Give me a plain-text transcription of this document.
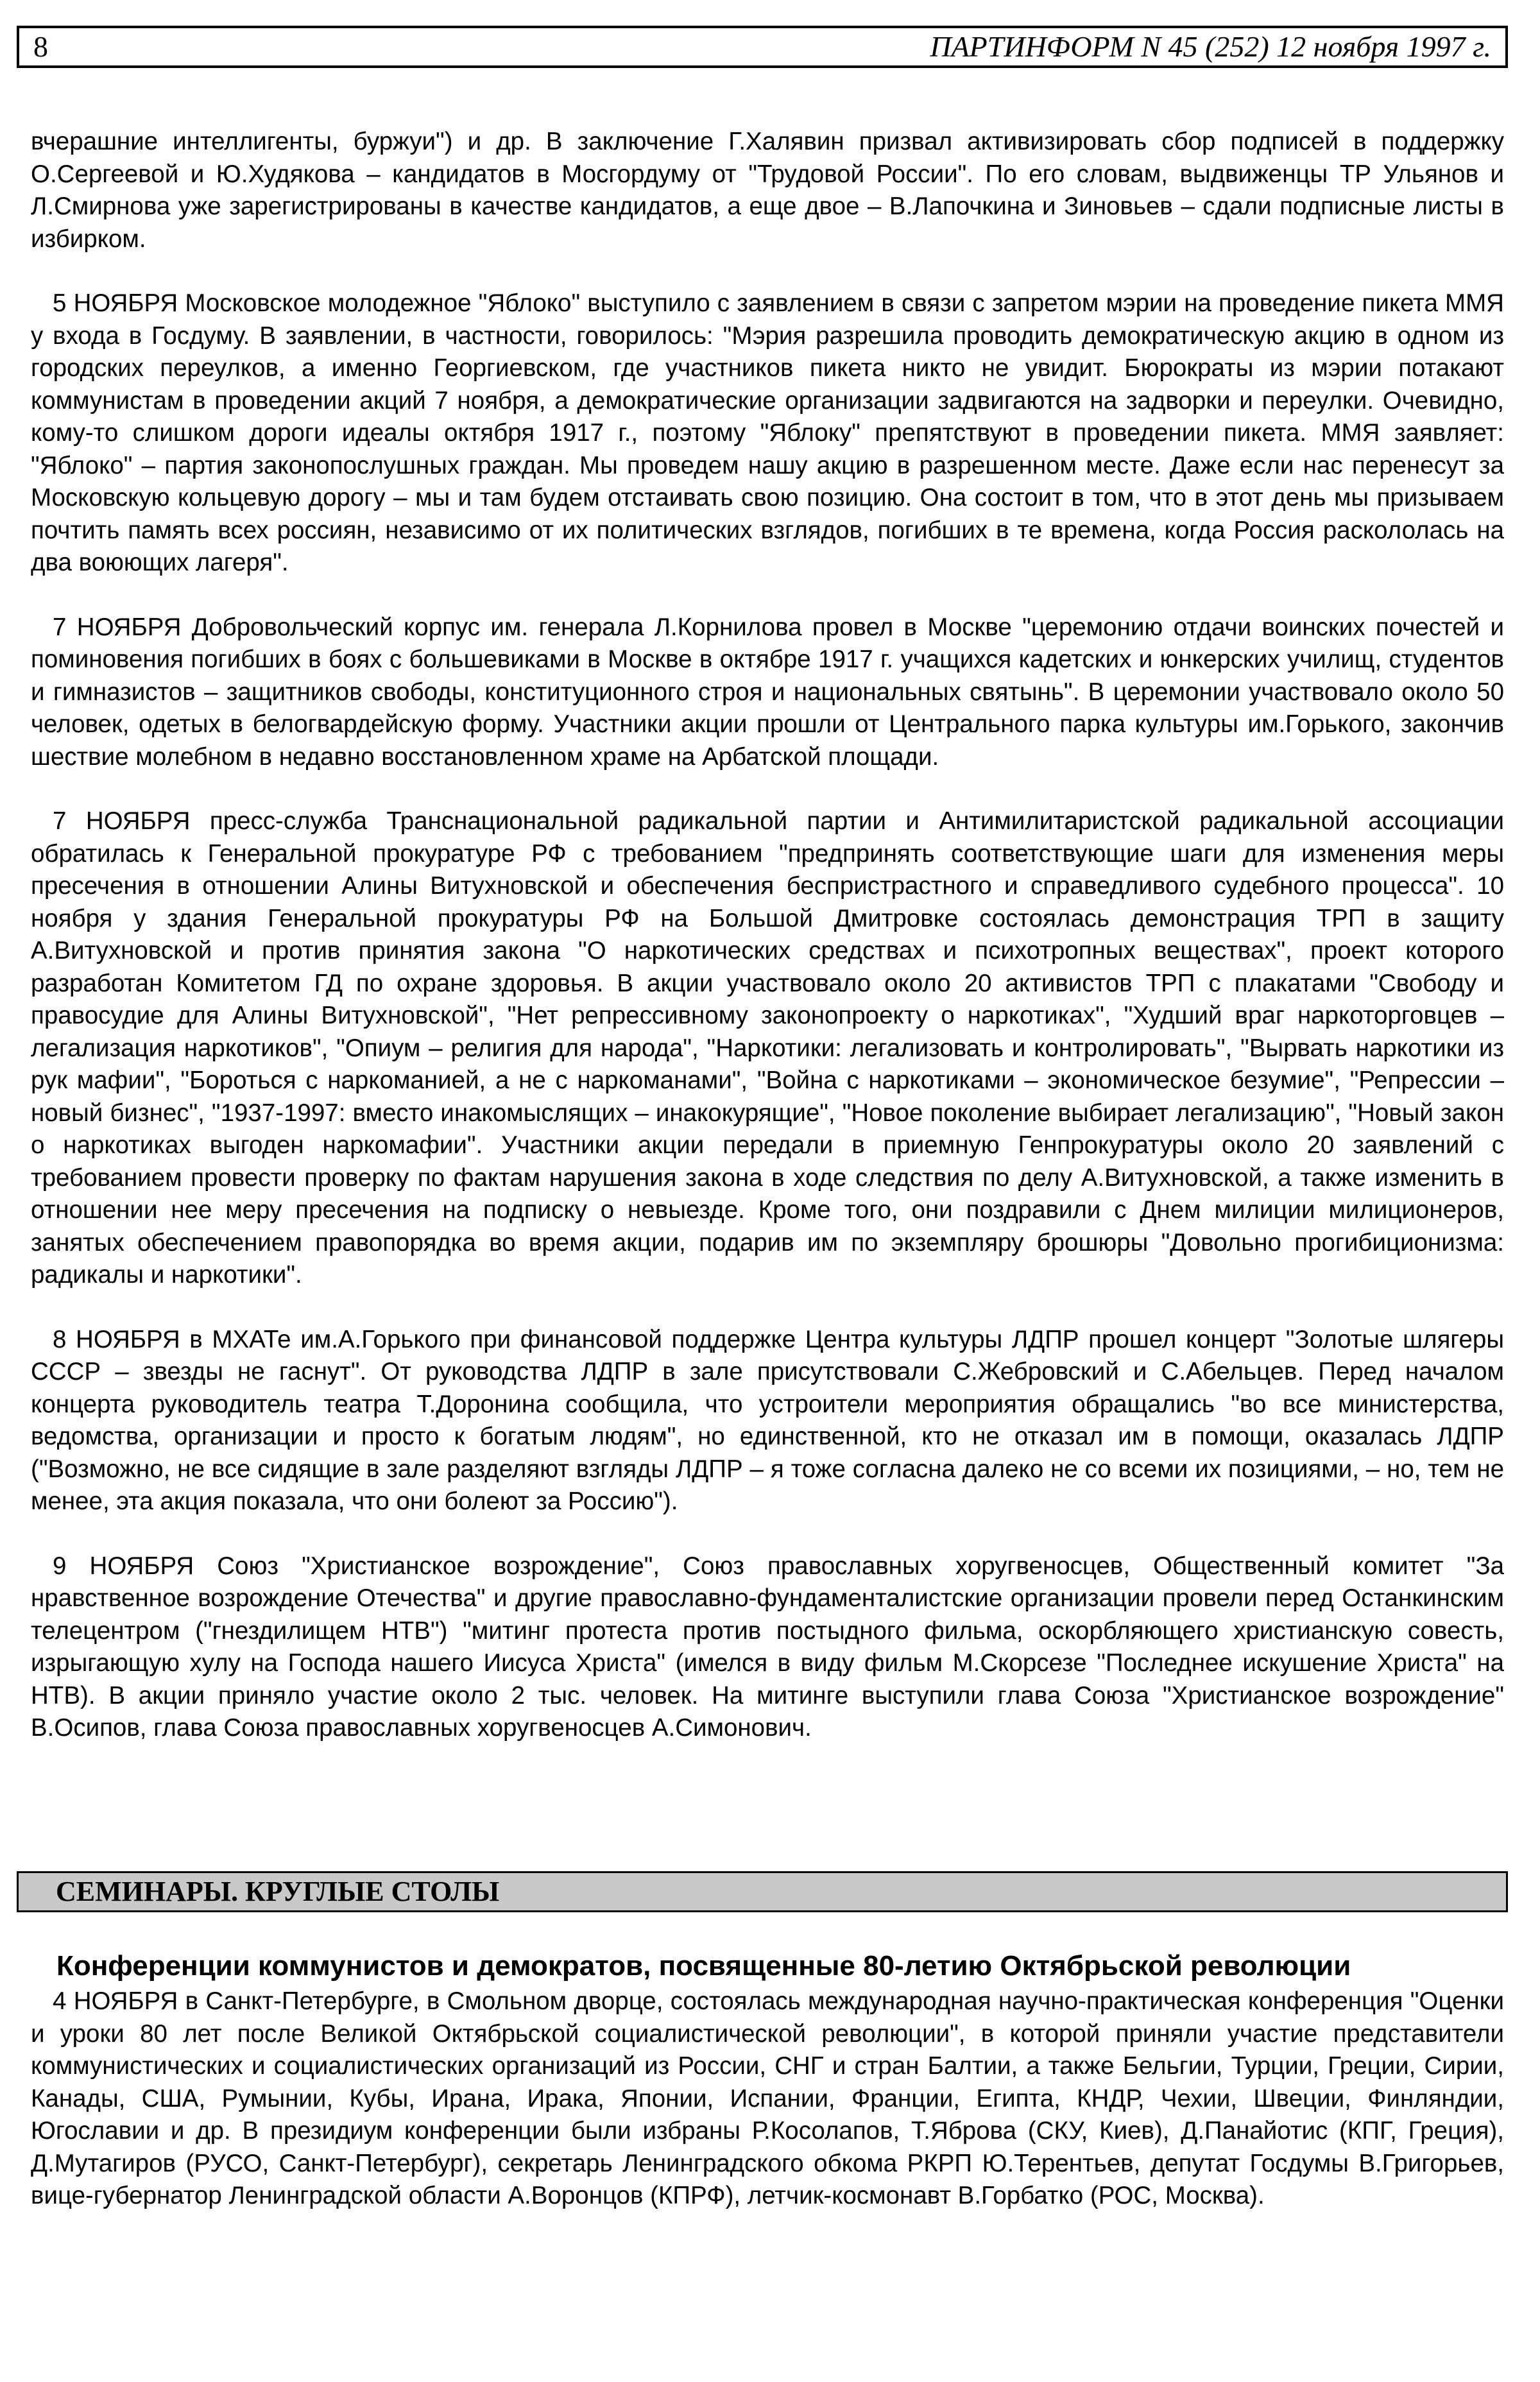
8	ПАРТИНФОРМ N 45 (252) 12 ноября 1997 г.

вчерашние интеллигенты, буржуи") и др. В заключение Г.Халявин призвал активизировать сбор подписей в поддержку О.Сергеевой и Ю.Худякова – кандидатов в Мосгордуму от "Трудовой России". По его словам, выдвиженцы ТР Ульянов и Л.Смирнова уже зарегистрированы в качестве кандидатов, а еще двое – В.Лапочкина и Зиновьев – сдали подписные листы в избирком.

5 НОЯБРЯ Московское молодежное "Яблоко" выступило с заявлением в связи с запретом мэрии на проведение пикета ММЯ у входа в Госдуму. В заявлении, в частности, говорилось: "Мэрия разрешила проводить демократическую акцию в одном из городских переулков, а именно Георгиевском, где участников пикета никто не увидит. Бюрократы из мэрии потакают коммунистам в проведении акций 7 ноября, а демократические организации задвигаются на задворки и переулки. Очевидно, кому-то слишком дороги идеалы октября 1917 г., поэтому "Яблоку" препятствуют в проведении пикета. ММЯ заявляет: "Яблоко" – партия законопослушных граждан. Мы проведем нашу акцию в разрешенном месте. Даже если нас перенесут за Московскую кольцевую дорогу – мы и там будем отстаивать свою позицию. Она состоит в том, что в этот день мы призываем почтить память всех россиян, независимо от их политических взглядов, погибших в те времена, когда Россия раскололась на два воюющих лагеря".

7 НОЯБРЯ Добровольческий корпус им. генерала Л.Корнилова провел в Москве "церемонию отдачи воинских почестей и поминовения погибших в боях с большевиками в Москве в октябре 1917 г. учащихся кадетских и юнкерских училищ, студентов и гимназистов – защитников свободы, конституционного строя и национальных святынь". В церемонии участвовало около 50 человек, одетых в белогвардейскую форму. Участники акции прошли от Центрального парка культуры им.Горького, закончив шествие молебном в недавно восстановленном храме на Арбатской площади.

7 НОЯБРЯ пресс-служба Транснациональной радикальной партии и Антимилитаристской радикальной ассоциации обратилась к Генеральной прокуратуре РФ с требованием "предпринять соответствующие шаги для изменения меры пресечения в отношении Алины Витухновской и обеспечения беспристрастного и справедливого судебного процесса". 10 ноября у здания Генеральной прокуратуры РФ на Большой Дмитровке состоялась демонстрация ТРП в защиту А.Витухновской и против принятия закона "О наркотических средствах и психотропных веществах", проект которого разработан Комитетом ГД по охране здоровья. В акции участвовало около 20 активистов ТРП с плакатами "Свободу и правосудие для Алины Витухновской", "Нет репрессивному законопроекту о наркотиках", "Худший враг наркоторговцев – легализация наркотиков", "Опиум – религия для народа", "Наркотики: легализовать и контролировать", "Вырвать наркотики из рук мафии", "Бороться с наркоманией, а не с наркоманами", "Война с наркотиками – экономическое безумие", "Репрессии – новый бизнес", "1937-1997: вместо инакомыслящих – инакокурящие", "Новое поколение выбирает легализацию", "Новый закон о наркотиках выгоден наркомафии". Участники акции передали в приемную Генпрокуратуры около 20 заявлений с требованием провести проверку по фактам нарушения закона в ходе следствия по делу А.Витухновской, а также изменить в отношении нее меру пресечения на подписку о невыезде. Кроме того, они поздравили с Днем милиции милиционеров, занятых обеспечением правопорядка во время акции, подарив им по экземпляру брошюры "Довольно прогибиционизма: радикалы и наркотики".

8 НОЯБРЯ в МХАТе им.А.Горького при финансовой поддержке Центра культуры ЛДПР прошел концерт "Золотые шлягеры СССР – звезды не гаснут". От руководства ЛДПР в зале присутствовали С.Жебровский и С.Абельцев. Перед началом концерта руководитель театра Т.Доронина сообщила, что устроители мероприятия обращались "во все министерства, ведомства, организации и просто к богатым людям", но единственной, кто не отказал им в помощи, оказалась ЛДПР ("Возможно, не все сидящие в зале разделяют взгляды ЛДПР – я тоже согласна далеко не со всеми их позициями, – но, тем не менее, эта акция показала, что они болеют за Россию").

9 НОЯБРЯ Союз "Христианское возрождение", Союз православных хоругвеносцев, Общественный комитет "За нравственное возрождение Отечества" и другие православно-фундаменталистские организации провели перед Останкинским телецентром ("гнездилищем НТВ") "митинг протеста против постыдного фильма, оскорбляющего христианскую совесть, изрыгающую хулу на Господа нашего Иисуса Христа" (имелся в виду фильм М.Скорсезе "Последнее искушение Христа" на НТВ). В акции приняло участие около 2 тыс. человек. На митинге выступили глава Союза "Христианское возрождение" В.Осипов, глава Союза православных хоругвеносцев А.Симонович.

СЕМИНАРЫ. КРУГЛЫЕ СТОЛЫ
Конференции коммунистов и демократов, посвященные 80-летию Октябрьской революции

4 НОЯБРЯ в Санкт-Петербурге, в Смольном дворце, состоялась международная научно-практическая конференция "Оценки и уроки 80 лет после Великой Октябрьской социалистической революции", в которой приняли участие представители коммунистических и социалистических организаций из России, СНГ и стран Балтии, а также Бельгии, Турции, Греции, Сирии, Канады, США, Румынии, Кубы, Ирана, Ирака, Японии, Испании, Франции, Египта, КНДР, Чехии, Швеции, Финляндии, Югославии и др. В президиум конференции были избраны Р.Косолапов, Т.Яброва (СКУ, Киев), Д.Панайотис (КПГ, Греция), Д.Мутагиров (РУСО, Санкт-Петербург), секретарь Ленинградского обкома РКРП Ю.Терентьев, депутат Госдумы В.Григорьев, вице-губернатор Ленинградской области А.Воронцов (КПРФ), летчик-космонавт В.Горбатко (РОС, Москва).
